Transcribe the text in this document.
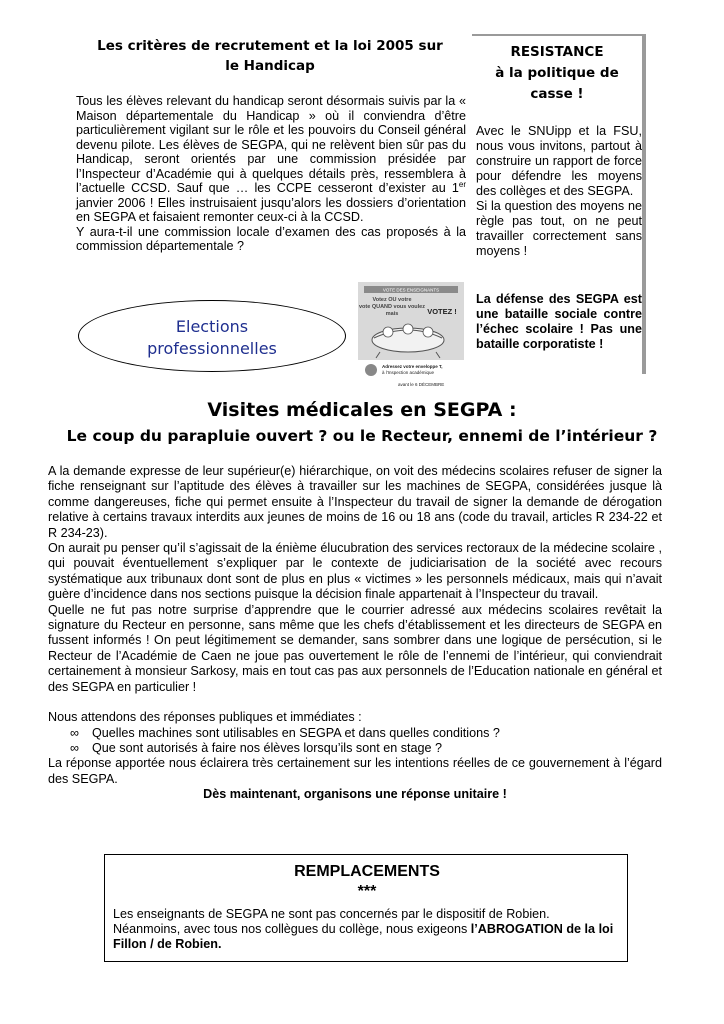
Les critères de recrutement et la loi 2005 sur le Handicap

Tous les élèves relevant du handicap seront désormais suivis par la « Maison départementale du Handicap » où il conviendra d’être particulièrement vigilant sur le rôle et les pouvoirs du Conseil général devenu pilote. Les élèves de SEGPA, qui ne relèvent bien sûr pas du Handicap, seront orientés par une commission présidée par l’Inspecteur d’Académie qui à quelques détails près, ressemblera à l’actuelle CCSD. Sauf que … les CCPE cesseront d’exister au 1er janvier 2006 ! Elles instruisaient jusqu’alors les dossiers d’orientation en SEGPA et faisaient remonter ceux-ci à la CCSD.

Y aura-t-il une commission locale d’examen des cas proposés à la commission départementale ?

RESISTANCE
à la politique de
casse !

Avec le SNUipp et la FSU, nous vous invitons, partout à construire un rapport de force pour défendre les moyens des collèges et des SEGPA.

Si la question des moyens ne règle pas tout, on ne peut travailler correctement sans moyens !

La défense des SEGPA est une bataille sociale contre l’échec scolaire ! Pas une bataille corporatiste !
Elections
professionnelles
VOTE DES ENSEIGNANTS
Votez OU votre
vote QUAND vous voulez
mais	VOTEZ !
Adressez votre enveloppe T,
à l’Inspection académique
avant le 6 DÉCEMBRE
Visites médicales en SEGPA :
Le coup du parapluie ouvert ? ou le Recteur, ennemi de l’intérieur ?

A la demande expresse de leur supérieur(e) hiérarchique, on voit des médecins scolaires refuser de signer la fiche renseignant sur l’aptitude des élèves à travailler sur les machines de SEGPA, considérées jusque là comme dangereuses, fiche qui permet ensuite à l’Inspecteur du travail de signer la demande de dérogation relative à certains travaux interdits aux jeunes de moins de 16 ou 18 ans (code du travail, articles R 234-22 et R 234-23).

On aurait pu penser qu’il s’agissait de la énième élucubration des services rectoraux de la médecine scolaire , qui pouvait éventuellement s’expliquer par le contexte de judiciarisation de la société avec recours systématique aux tribunaux dont sont de plus en plus « victimes » les personnels médicaux, mais qui n’avait guère d’incidence dans nos sections puisque la décision finale appartenait à l’Inspecteur du travail.

Quelle ne fut pas notre surprise d’apprendre que le courrier adressé aux médecins scolaires revêtait la signature du Recteur en personne, sans même que les chefs d’établissement et les directeurs de SEGPA en fussent informés ! On peut légitimement se demander, sans sombrer dans une logique de persécution, si le Recteur de l’Académie de Caen ne joue pas ouvertement le rôle de l’ennemi de l’intérieur, qui conviendrait certainement à monsieur Sarkosy, mais en tout cas pas aux personnels de l’Education nationale en général et des SEGPA en particulier !

Nous attendons des réponses publiques et immédiates :

∞	Quelles machines sont utilisables en SEGPA et dans quelles conditions ?
∞	Que sont autorisés à faire nos élèves lorsqu’ils sont en stage ?

La réponse apportée nous éclairera très certainement sur les intentions réelles de ce gouvernement à l’égard des SEGPA.

Dès maintenant, organisons une réponse unitaire !

REMPLACEMENTS
***
Les enseignants de SEGPA ne sont pas concernés par le dispositif de Robien. Néanmoins, avec tous nos collègues du collège, nous exigeons l’ABROGATION de la loi Fillon / de Robien.
